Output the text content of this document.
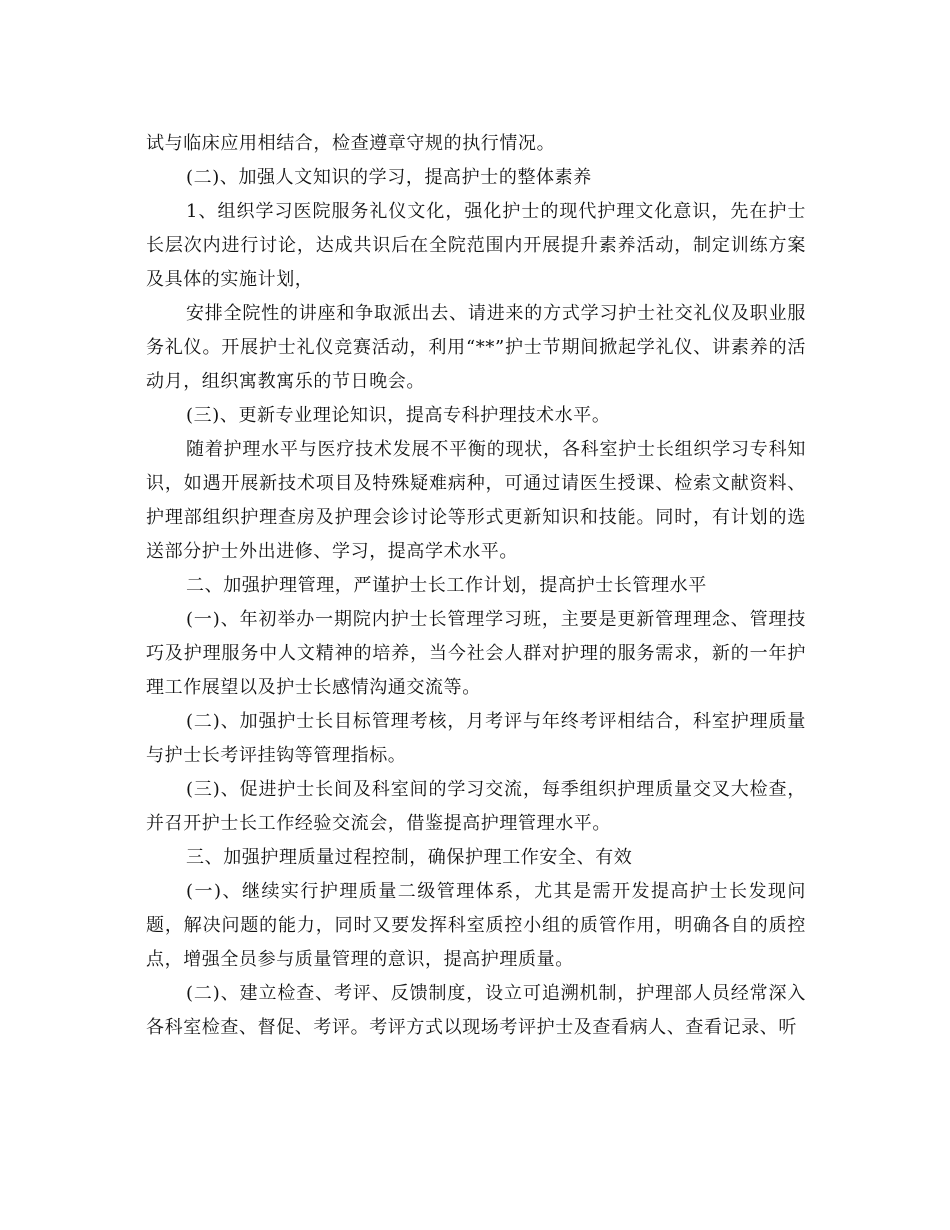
试与临床应用相结合，检查遵章守规的执行情况。

(二)、加强人文知识的学习，提高护士的整体素养

1、组织学习医院服务礼仪文化，强化护士的现代护理文化意识，先在护士长层次内进行讨论，达成共识后在全院范围内开展提升素养活动，制定训练方案及具体的实施计划，

安排全院性的讲座和争取派出去、请进来的方式学习护士社交礼仪及职业服务礼仪。开展护士礼仪竞赛活动，利用“**”护士节期间掀起学礼仪、讲素养的活动月，组织寓教寓乐的节日晚会。

(三)、更新专业理论知识，提高专科护理技术水平。

随着护理水平与医疗技术发展不平衡的现状，各科室护士长组织学习专科知识，如遇开展新技术项目及特殊疑难病种，可通过请医生授课、检索文献资料、护理部组织护理查房及护理会诊讨论等形式更新知识和技能。同时，有计划的选送部分护士外出进修、学习，提高学术水平。

二、加强护理管理，严谨护士长工作计划，提高护士长管理水平

(一)、年初举办一期院内护士长管理学习班，主要是更新管理理念、管理技巧及护理服务中人文精神的培养，当今社会人群对护理的服务需求，新的一年护理工作展望以及护士长感情沟通交流等。

(二)、加强护士长目标管理考核，月考评与年终考评相结合，科室护理质量与护士长考评挂钩等管理指标。

(三)、促进护士长间及科室间的学习交流，每季组织护理质量交叉大检查，并召开护士长工作经验交流会，借鉴提高护理管理水平。

三、加强护理质量过程控制，确保护理工作安全、有效

(一)、继续实行护理质量二级管理体系，尤其是需开发提高护士长发现问题，解决问题的能力，同时又要发挥科室质控小组的质管作用，明确各自的质控点，增强全员参与质量管理的意识，提高护理质量。

(二)、建立检查、考评、反馈制度，设立可追溯机制，护理部人员经常深入各科室检查、督促、考评。考评方式以现场考评护士及查看病人、查看记录、听
